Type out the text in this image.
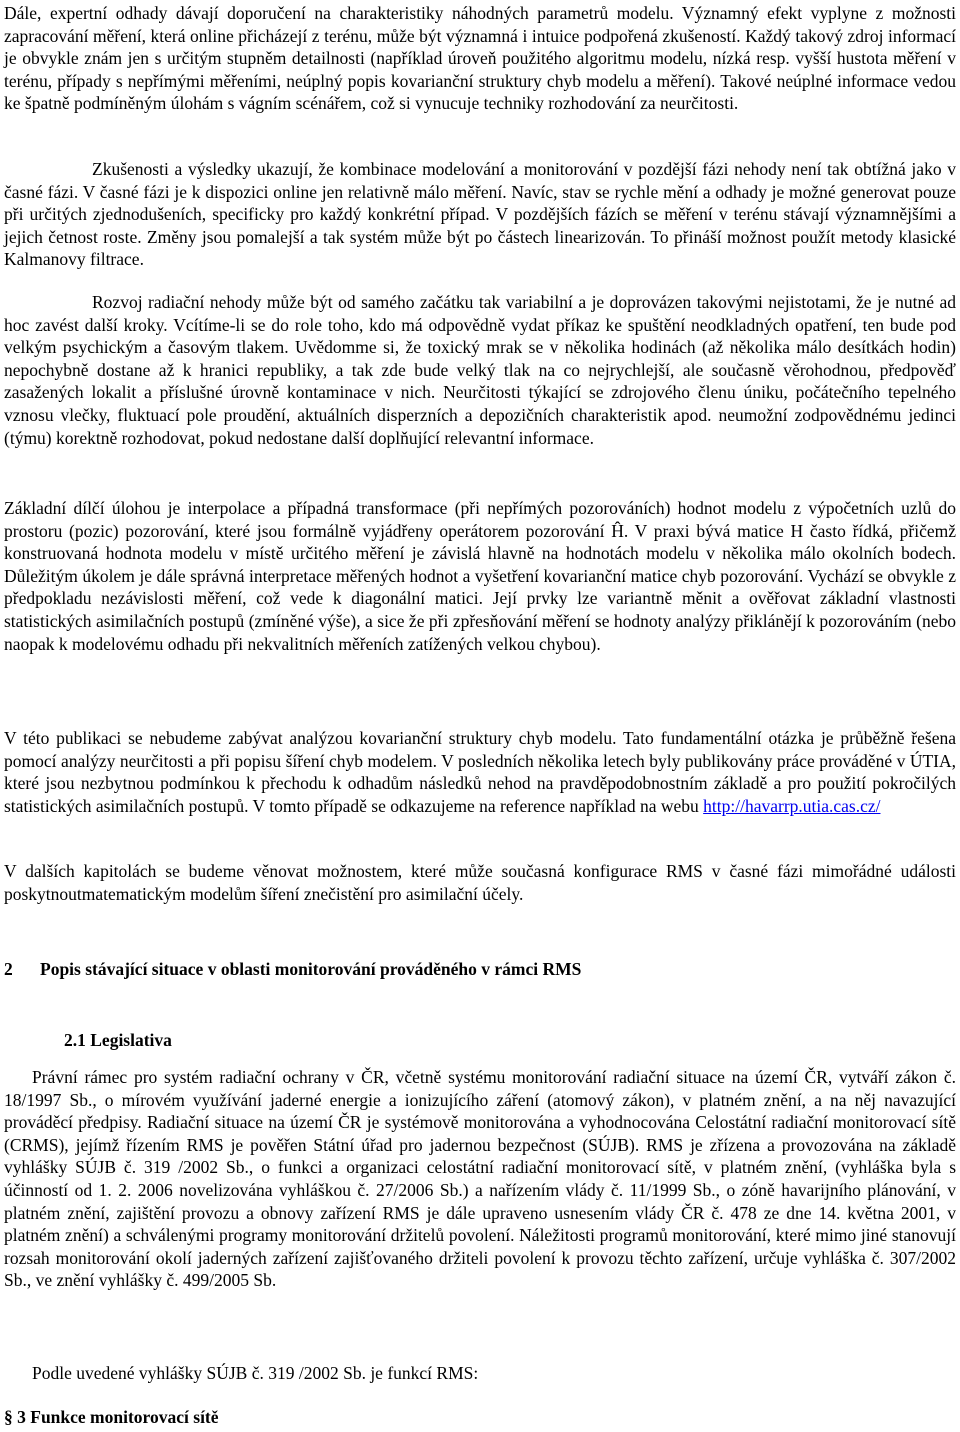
Dále, expertní odhady dávají doporučení na charakteristiky náhodných parametrů modelu. Významný efekt vyplyne z možnosti zapracování měření, která online přicházejí z terénu, může být významná i intuice podpořená zkušeností. Každý takový zdroj informací je obvykle znám jen s určitým stupněm detailnosti (například úroveň použitého algoritmu modelu, nízká resp. vyšší hustota měření v terénu, případy s nepřímými měřeními, neúplný popis kovarianční struktury chyb modelu a měření). Takové neúplné informace vedou ke špatně podmíněným úlohám s vágním scénářem, což si vynucuje techniky rozhodování za neurčitosti.

Zkušenosti a výsledky ukazují, že kombinace modelování a monitorování v pozdější fázi nehody není tak obtížná jako v časné fázi. V časné fázi je k dispozici online jen relativně málo měření. Navíc, stav se rychle mění a odhady je možné generovat pouze při určitých zjednodušeních, specificky pro každý konkrétní případ. V pozdějších fázích se měření v terénu stávají významnějšími a jejich četnost roste. Změny jsou pomalejší a tak systém může být po částech linearizován. To přináší možnost použít metody klasické Kalmanovy filtrace.

Rozvoj radiační nehody může být od samého začátku tak variabilní a je doprovázen takovými nejistotami, že je nutné ad hoc zavést další kroky. Vcítíme-li se do role toho, kdo má odpovědně vydat příkaz ke spuštění neodkladných opatření, ten bude pod velkým psychickým a časovým tlakem. Uvědomme si, že toxický mrak se v několika hodinách (až několika málo desítkách hodin) nepochybně dostane až k hranici republiky, a tak zde bude velký tlak na co nejrychlejší, ale současně věrohodnou, předpověď zasažených lokalit a příslušné úrovně kontaminace v nich. Neurčitosti týkající se zdrojového členu úniku, počátečního tepelného vznosu vlečky, fluktuací pole proudění, aktuálních disperzních a depozičních charakteristik apod. neumožní zodpovědnému jedinci (týmu) korektně rozhodovat, pokud nedostane další doplňující relevantní informace.

Základní dílčí úlohou je interpolace a případná transformace (při nepřímých pozorováních) hodnot modelu z výpočetních uzlů do prostoru (pozic) pozorování, které jsou formálně vyjádřeny operátorem pozorování Ĥ. V praxi bývá matice H často řídká, přičemž konstruovaná hodnota modelu v místě určitého měření je závislá hlavně na hodnotách modelu v několika málo okolních bodech. Důležitým úkolem je dále správná interpretace měřených hodnot a vyšetření kovarianční matice chyb pozorování. Vychází se obvykle z předpokladu nezávislosti měření, což vede k diagonální matici. Její prvky lze variantně měnit a ověřovat základní vlastnosti statistických asimilačních postupů (zmíněné výše), a sice že při zpřesňování měření se hodnoty analýzy přiklánějí k pozorováním (nebo naopak k modelovému odhadu při nekvalitních měřeních zatížených velkou chybou).

V této publikaci se nebudeme zabývat analýzou kovarianční struktury chyb modelu. Tato fundamentální otázka je průběžně řešena pomocí analýzy neurčitosti a při popisu šíření chyb modelem. V posledních několika letech byly publikovány práce prováděné v ÚTIA, které jsou nezbytnou podmínkou k přechodu k odhadům následků nehod na pravděpodobnostním základě a pro použití pokročilých statistických asimilačních postupů. V tomto případě se odkazujeme na reference například na webu http://havarrp.utia.cas.cz/

V dalších kapitolách se budeme věnovat možnostem, které může současná konfigurace RMS v časné fázi mimořádné události poskytnoutmatematickým modelům šíření znečistění pro asimilační účely.

2 Popis stávající situace v oblasti monitorování prováděného v rámci RMS
2.1 Legislativa

Právní rámec pro systém radiační ochrany v ČR, včetně systému monitorování radiační situace na území ČR, vytváří zákon č. 18/1997 Sb., o mírovém využívání jaderné energie a ionizujícího záření (atomový zákon), v platném znění, a na něj navazující prováděcí předpisy. Radiační situace na území ČR je systémově monitorována a vyhodnocována Celostátní radiační monitorovací sítě (CRMS), jejímž řízením RMS je pověřen Státní úřad pro jadernou bezpečnost (SÚJB). RMS je zřízena a provozována na základě vyhlášky SÚJB č. 319 /2002 Sb., o funkci a organizaci celostátní radiační monitorovací sítě, v platném znění, (vyhláška byla s účinností od 1. 2. 2006 novelizována vyhláškou č. 27/2006 Sb.) a nařízením vlády č. 11/1999 Sb., o zóně havarijního plánování, v platném znění, zajištění provozu a obnovy zařízení RMS je dále upraveno usnesením vlády ČR č. 478 ze dne 14. května 2001, v platném znění) a schválenými programy monitorování držitelů povolení. Náležitosti programů monitorování, které mimo jiné stanovují rozsah monitorování okolí jaderných zařízení zajišťovaného držiteli povolení k provozu těchto zařízení, určuje vyhláška č. 307/2002 Sb., ve znění vyhlášky č. 499/2005 Sb.

Podle uvedené vyhlášky SÚJB č. 319 /2002 Sb. je funkcí RMS:

§ 3 Funkce monitorovací sítě
